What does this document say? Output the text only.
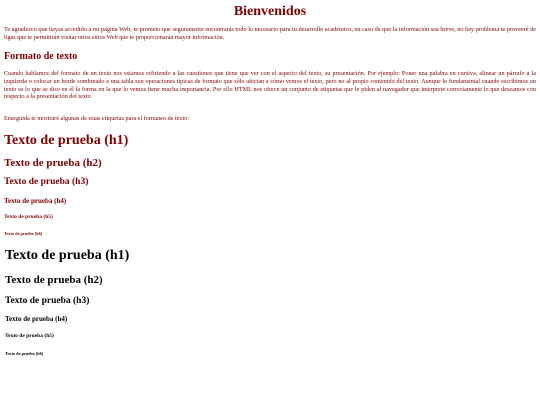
Bienvenidos

Te agradezco que hayas accedido a mi página Web, te prometo que seguramente encontrarás todo lo necesario para tu desarrollo académico, en caso de que la información sea breve, no hay problema te proveeré de ligas que te permitirán visitar otros sitios Web que te proporcionarán mayor información.

Formato de texto

Cuando hablamos del formato de un texto nos estamos refiriendo a las cuestiones que tiene que ver con el aspecto del texto, su presentación. Por ejemplo: Poner una palabra en cursiva, alinear un párrafo a la izquierda o colocar un borde sombreado a una tabla son operaciones típicas de formato que sólo afectan a cómo vemos el texto, pero no al propio contenido del texto. Aunque lo fundamental cuando escribimos un texto es lo que se dice en él la forma en la que lo vemos tiene mucha importancia. Por ello HTML nos ofrece un conjunto de etiquetas que le piden al navegador que interprete correctamente lo que deseamos con respecto a la presentación del texto.

Enseguida te mostraré algunas de estas etiquetas para el formateo de texto:

Texto de prueba (h1)
Texto de prueba (h2)
Texto de prueba (h3)
Texto de prueba (h4)
Texto de prueba (h5)
Texto de prueba (h6)
Texto de prueba (h1)
Texto de prueba (h2)
Texto de prueba (h3)
Texto de prueba (h4)
Texto de prueba (h5)
Texto de prueba (h6)
